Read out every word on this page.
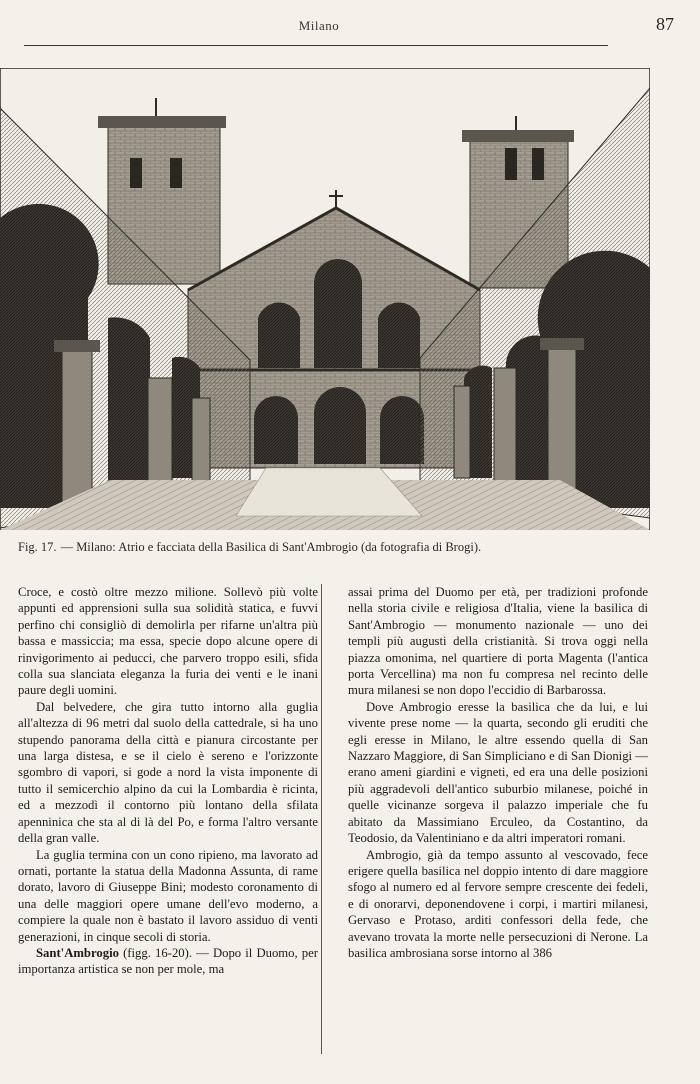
Milano	87
Fig. 17. — Milano: Atrio e facciata della Basilica di Sant'Ambrogio (da fotografia di Brogi).

Croce, e costò oltre mezzo milione. Sollevò più volte appunti ed apprensioni sulla sua solidità statica, e fuvvi perfino chi consigliò di demolirla per rifarne un'altra più bassa e massiccia; ma essa, specie dopo alcune opere di rinvigorimento ai peducci, che parvero troppo esili, sfida colla sua slanciata eleganza la furia dei venti e le inani paure degli uomini.

Dal belvedere, che gira tutto intorno alla guglia all'altezza di 96 metri dal suolo della cattedrale, si ha uno stupendo panorama della città e pianura circostante per una larga distesa, e se il cielo è sereno e l'orizzonte sgombro di vapori, si gode a nord la vista imponente di tutto il semicerchio alpino da cui la Lombardia è ricinta, ed a mezzodì il contorno più lontano della sfilata apenninica che sta al di là del Po, e forma l'altro versante della gran valle.

La guglia termina con un cono ripieno, ma lavorato ad ornati, portante la statua della Madonna Assunta, di rame dorato, lavoro di Giuseppe Bini; modesto coronamento di una delle maggiori opere umane dell'evo moderno, a compiere la quale non è bastato il lavoro assiduo di venti generazioni, in cinque secoli di storia.

Sant'Ambrogio (figg. 16-20). — Dopo il Duomo, per importanza artistica se non per mole, ma

assai prima del Duomo per età, per tradizioni profonde nella storia civile e religiosa d'Italia, viene la basilica di Sant'Ambrogio — monumento nazionale — uno dei templi più augusti della cristianità. Si trova oggi nella piazza omonima, nel quartiere di porta Magenta (l'antica porta Vercellina) ma non fu compresa nel recinto delle mura milanesi se non dopo l'eccidio di Barbarossa.

Dove Ambrogio eresse la basilica che da lui, e lui vivente prese nome — la quarta, secondo gli eruditi che egli eresse in Milano, le altre essendo quella di San Nazzaro Maggiore, di San Simpliciano e di San Dionigi — erano ameni giardini e vigneti, ed era una delle posizioni più aggradevoli dell'antico suburbio milanese, poiché in quelle vicinanze sorgeva il palazzo imperiale che fu abitato da Massimiano Erculeo, da Costantino, da Teodosio, da Valentiniano e da altri imperatori romani.

Ambrogio, già da tempo assunto al vescovado, fece erigere quella basilica nel doppio intento di dare maggiore sfogo al numero ed al fervore sempre crescente dei fedeli, e di onorarvi, deponendovene i corpi, i martiri milanesi, Gervaso e Protaso, arditi confessori della fede, che avevano trovata la morte nelle persecuzioni di Nerone. La basilica ambrosiana sorse intorno al 386
